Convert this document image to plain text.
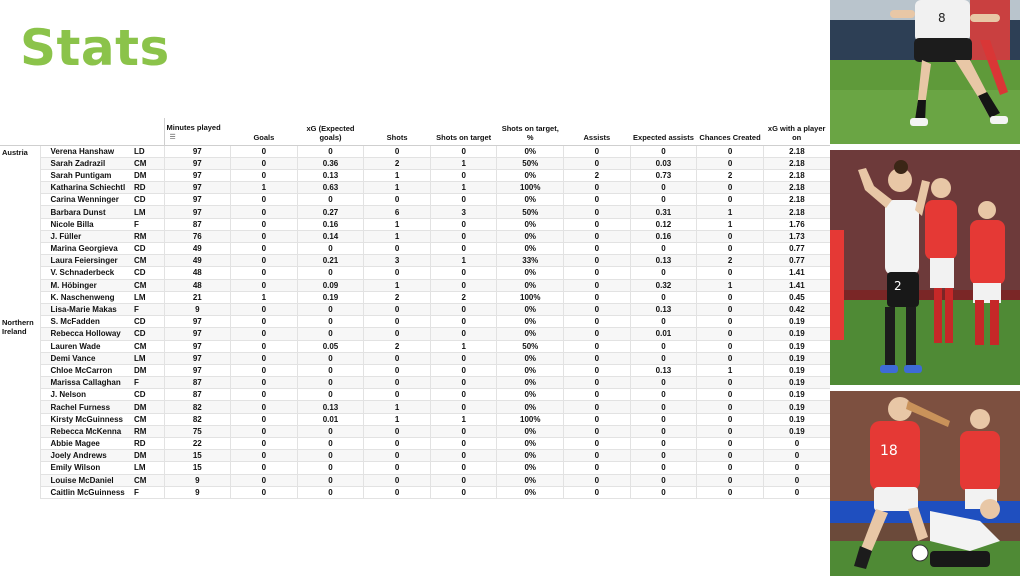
Stats
			Minutes played☰	Goals	xG (Expected goals)	Shots	Shots on target	Shots on target, %	Assists	Expected assists	Chances Created	xG with a player on
Austria	Verena Hanshaw	LD	97	0	0	0	0	0%	0	0	0	2.18
	Sarah Zadrazil	CM	97	0	0.36	2	1	50%	0	0.03	0	2.18
	Sarah Puntigam	DM	97	0	0.13	1	0	0%	2	0.73	2	2.18
	Katharina Schiechtl	RD	97	1	0.63	1	1	100%	0	0	0	2.18
	Carina Wenninger	CD	97	0	0	0	0	0%	0	0	0	2.18
	Barbara Dunst	LM	97	0	0.27	6	3	50%	0	0.31	1	2.18
	Nicole Billa	F	87	0	0.16	1	0	0%	0	0.12	1	1.76
	J. Füller	RM	76	0	0.14	1	0	0%	0	0.16	0	1.73
	Marina Georgieva	CD	49	0	0	0	0	0%	0	0	0	0.77
	Laura Feiersinger	CM	49	0	0.21	3	1	33%	0	0.13	2	0.77
	V. Schnaderbeck	CD	48	0	0	0	0	0%	0	0	0	1.41
	M. Höbinger	CM	48	0	0.09	1	0	0%	0	0.32	1	1.41
	K. Naschenweng	LM	21	1	0.19	2	2	100%	0	0	0	0.45
	Lisa-Marie Makas	F	9	0	0	0	0	0%	0	0.13	0	0.42
Northern Ireland	S. McFadden	CD	97	0	0	0	0	0%	0	0	0	0.19
	Rebecca Holloway	CD	97	0	0	0	0	0%	0	0.01	0	0.19
	Lauren Wade	CM	97	0	0.05	2	1	50%	0	0	0	0.19
	Demi Vance	LM	97	0	0	0	0	0%	0	0	0	0.19
	Chloe McCarron	DM	97	0	0	0	0	0%	0	0.13	1	0.19
	Marissa Callaghan	F	87	0	0	0	0	0%	0	0	0	0.19
	J. Nelson	CD	87	0	0	0	0	0%	0	0	0	0.19
	Rachel Furness	DM	82	0	0.13	1	0	0%	0	0	0	0.19
	Kirsty McGuinness	CM	82	0	0.01	1	1	100%	0	0	0	0.19
	Rebecca McKenna	RM	75	0	0	0	0	0%	0	0	0	0.19
	Abbie Magee	RD	22	0	0	0	0	0%	0	0	0	0
	Joely Andrews	DM	15	0	0	0	0	0%	0	0	0	0
	Emily Wilson	LM	15	0	0	0	0	0%	0	0	0	0
	Louise McDaniel	CM	9	0	0	0	0	0%	0	0	0	0
	Caitlin McGuinness	F	9	0	0	0	0	0%	0	0	0	0
8
2
18
